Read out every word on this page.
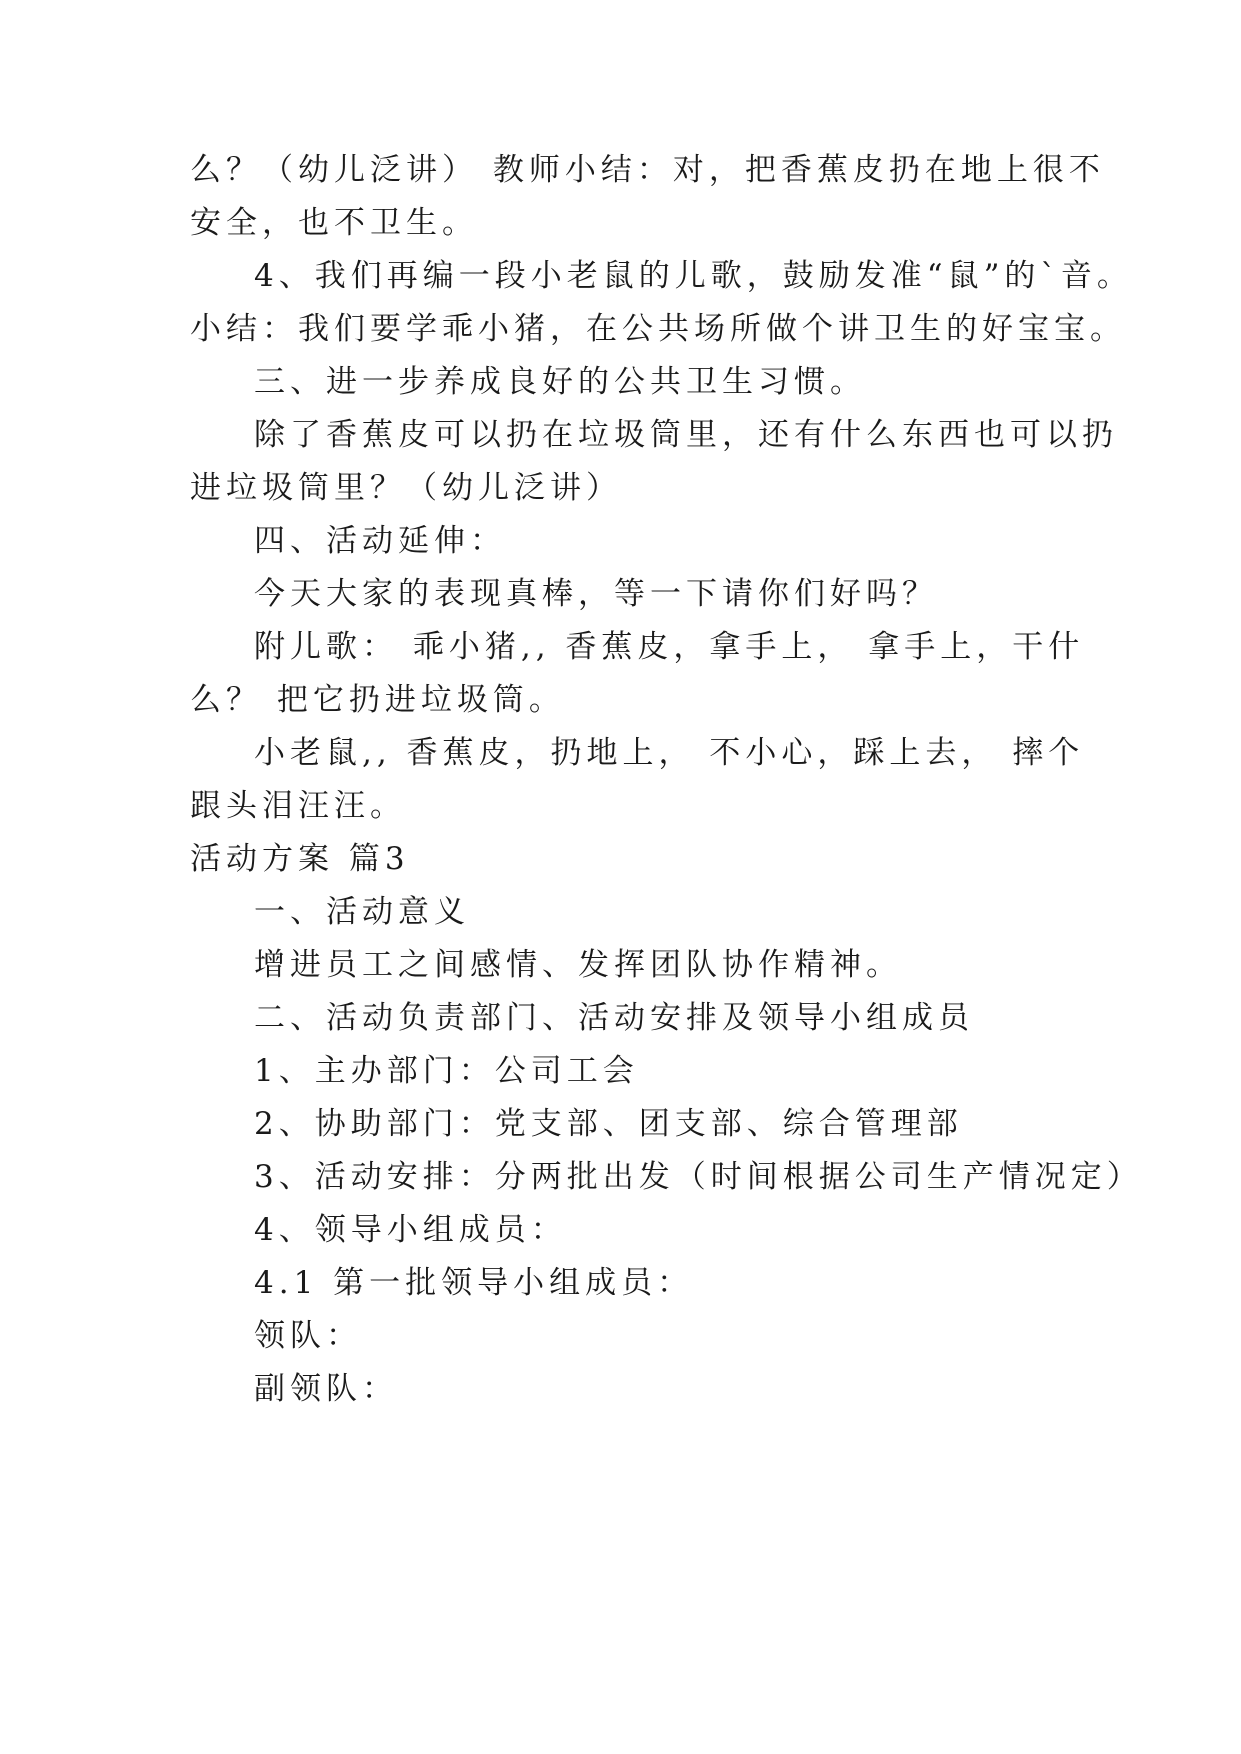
么？（幼儿泛讲） 教师小结：对，把香蕉皮扔在地上很不
安全，也不卫生。
4、我们再编一段小老鼠的儿歌，鼓励发准“鼠”的`音。
小结：我们要学乖小猪，在公共场所做个讲卫生的好宝宝。
三、进一步养成良好的公共卫生习惯。
除了香蕉皮可以扔在垃圾筒里，还有什么东西也可以扔
进垃圾筒里？（幼儿泛讲）
四、活动延伸：
今天大家的表现真棒，等一下请你们好吗？
附儿歌： 乖小猪,, 香蕉皮，拿手上， 拿手上，干什
么？ 把它扔进垃圾筒。
小老鼠,, 香蕉皮，扔地上， 不小心，踩上去， 摔个
跟头泪汪汪。
活动方案 篇3
一、活动意义
增进员工之间感情、发挥团队协作精神。
二、活动负责部门、活动安排及领导小组成员
1、主办部门：公司工会
2、协助部门：党支部、团支部、综合管理部
3、活动安排：分两批出发（时间根据公司生产情况定）
4、领导小组成员：
4.1 第一批领导小组成员：
领队：
副领队：
